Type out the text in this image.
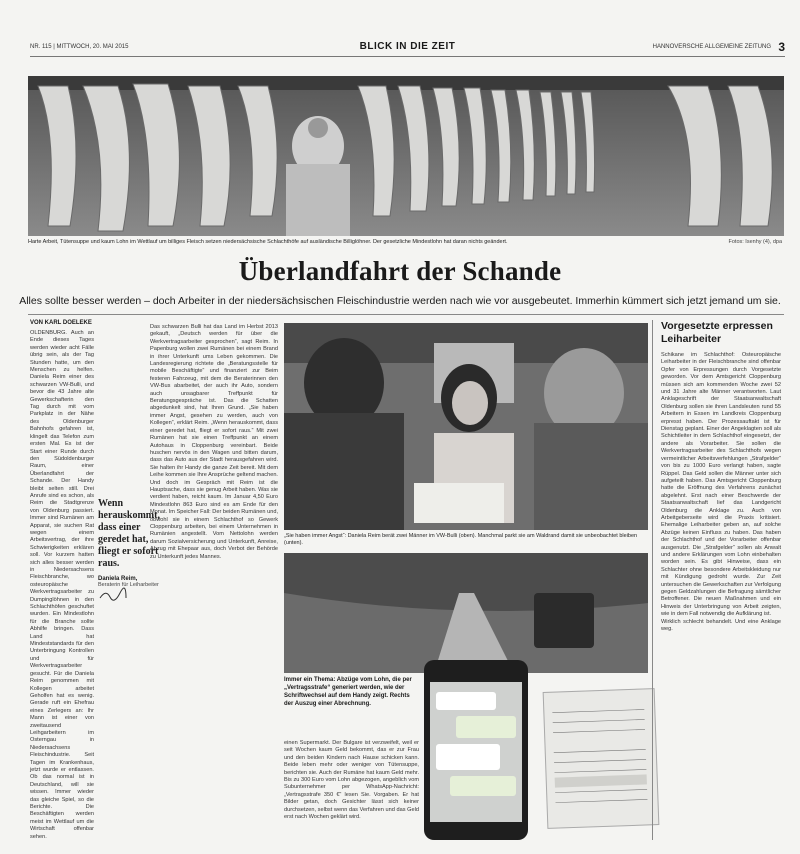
NR. 115 | MITTWOCH, 20. MAI 2015	BLICK IN DIE ZEIT	HANNOVERSCHE ALLGEMEINE ZEITUNG 3
Harte Arbeit, Tütensuppe und kaum Lohn im Wettlauf um billiges Fleisch setzen niedersächsische Schlachthöfe auf ausländische Billiglöhner. Der gesetzliche Mindestlohn hat daran nichts geändert.	Fotos: Isenhy (4), dpa
Überlandfahrt der Schande
Alles sollte besser werden – doch Arbeiter in der niedersächsischen Fleischindustrie werden nach wie vor ausgebeutet. Immerhin kümmert sich jetzt jemand um sie.
VON KARL DOELEKE

OLDENBURG. Auch an Ende dieses Tages werden wieder acht Fälle übrig sein, als der Tag Stunden hatte, um den Menschen zu helfen. Daniela Reim einer des schwarzen VW-Bulli, und bevor die 43 Jahre alte Gewerkschafterin den Tag durch mit vom Parkplatz in der Nähe des Oldenburger Bahnhofs gefahren ist, klingelt das Telefon zum ersten Mal. Es ist der Start einer Runde durch den Südoldenburger Raum, einer Überlandfahrt der Schande. Der Handy bleibt selten still. Drei Anrufe sind es schon, als Reim die Stadtgrenze von Oldenburg passiert. Immer sind Rumänen am Apparat, sie suchen Rat wegen einem Arbeitsvertrag, der ihre Schwierigkeiten erklären soll. Vor kurzem hatten sich alles besser werden in Niedersachsens Fleischbranche, wo osteuropäische Werkvertragsarbeiter zu Dumpinglöhnen in den Schlachthöfen geschuftet wurden. Ein Mindestlohn für die Branche sollte Abhilfe bringen. Dass Land hat Mindeststandards für den Unterbringung Kontrollen und für Werkvertragsarbeiter gesucht. Für die Daniela Reim genommen mit Kollegen arbeitet Geholfen hat es wenig. Gerade ruft ein Ehefrau eines Zerlegers an: Ihr Mann ist einer von zweitausend Leihgarbeitern im Osterngau in Niedersachsens Fleischindustrie. Seit Tagen im Krankenhaus, jetzt wurde er entlassen. Ob das normal ist in Deutschland, will sie wissen. Immer wieder das gleiche Spiel, so die Berichte. Die Beschäftigten werden meist im Wettlauf um die Wirtschaft offenbar sehen.

Wenn herauskommt, dass einer geredet hat, fliegt er sofort raus.
Daniela Reim,
Beraterin für Leiharbeiter

Das schwarzen Bulli hat das Land im Herbst 2013 gekauft, „Deutsch werden für über die Werkvertragsarbeiter gesprochen“, sagt Reim. In Papenburg wollen zwei Rumänen bei einem Brand in ihrer Unterkunft ums Leben gekommen. Die Landesregierung richtete die „Beratungsstelle für mobile Beschäftigte“ und finanziert zur Beim festeren Fahrzeug, mit dem die Beraterinnen den VW-Bus abarbeitet, der auch ihr Auto, sondern auch unsagbarer Treffpunkt für Beratungsgespräche ist. Das die Schatten abgedunkelt sind, hat Ihren Grund. „Sie haben immer Angst, gesehen zu werden, auch von Kollegen“, erklärt Reim. „Wenn herauskommt, dass einer geredet hat, fliegt er sofort raus.“ Mit zwei Rumänen hat sie einen Treffpunkt an einem Autohaus in Cloppenburg vereinbart. Beide huschen nervös in den Wagen und bitten darum, dass das Auto aus der Stadt herausgefahren wird. Sie halten ihr Handy die ganze Zeit bereit. Mit dem Leihe kommen sie Ihre Ansprüche geltend machen. Und doch im Gespräch mit Reim ist die Hauptsache, dass sie genug Arbeit haben. Was sie verdient haben, reicht kaum. Im Januar 4,50 Euro Mindestlohn 863 Euro sind es am Ende für den Monat. Im Speicher Fall: Der beiden Rumänen und, obwohl sie in einem Schlachthof so Gewerk Cloppenburg arbeiten, bei einem Unternehmen in Rumänien angestellt. Vom Nettolohn werden darum Sozialversicherung und Unterkunft, Anreise, Abzug mit Ehepaar aus, doch Verbot der Behörde zu Unterkunft jedes Mannes.

„Sie haben immer Angst“: Daniela Reim berät zwei Männer im VW-Bulli (oben). Manchmal parkt sie am Waldrand damit sie unbeobachtet bleiben (unten).
Immer ein Thema: Abzüge vom Lohn, die per „Vertragsstrafe“ generiert werden, wie der Schriftwechsel auf dem Handy zeigt. Rechts der Auszug einer Abrechnung.

einen Supermarkt. Der Bulgare ist verzweifelt, weil er seit Wochen kaum Geld bekommt, das er zur Frau und den beiden Kindern nach Hause schicken kann. Beide leben mehr oder weniger von Tütensuppe, berichten sie. Auch der Rumäne hat kaum Geld mehr. Bis zu 300 Euro vom Lohn abgezogen, angeblich vom Subunternehmer per WhatsApp-Nachricht: „Vertragsstrafe 350 €“ lesen Sie. Vorgaben. Er hat Bilder getan, doch Gesichter lässt sich keiner durchsetzen, selbst wenn das Verfahren und das Geld erst nach Wochen geklärt wird.

Vorgesetzte erpressen Leiharbeiter

Schikane im Schlachthof: Osteuropäische Leiharbeiter in der Fleischbranche sind offenbar Opfer von Erpressungen durch Vorgesetzte geworden. Vor dem Amtsgericht Cloppenburg müssen sich am kommenden Woche zwei 52 und 31 Jahre alte Männer verantworten. Laut Anklageschrift der Staatsanwaltschaft Oldenburg sollen sie ihren Landsleuten rund 55 Arbeitern in Essen im Landkreis Cloppenburg erpresst haben. Der Prozessauftakt ist für Dienstag geplant. Einer der Angeklagten soll als Schichtleiter in dem Schlachthof eingesetzt, der andere als Vorarbeiter. Sie sollen die Werkvertragsarbeiter des Schlachthofs wegen vermeintlicher Arbeitsverfehlungen „Strafgelder“ von bis zu 1000 Euro verlangt haben, sagte Rüppel. Das Geld sollen die Männer unter sich aufgeteilt haben. Das Amtsgericht Cloppenburg hatte die Eröffnung des Verfahrens zunächst abgelehnt. Erst nach einer Beschwerde der Staatsanwaltschaft lief das Landgericht Oldenburg die Anklage zu. Auch von Arbeitgeberseite wird die Praxis kritisiert. Ehemalige Leiharbeiter geben an, auf solche Abzüge keinen Einfluss zu haben. Das haben der Schlachthof und der Vorarbeiter offenbar ausgenutzt. Die „Strafgelder“ sollen als Anwalt und andere Erklärungen vom Lohn einbehalten worden sein. Es gibt Hinweise, dass ein Schlachter ohne besondere Arbeitskleidung nur mit Kündigung gedroht wurde. Zur Zeit untersuchen die Gewerkschaften zur Verfolgung gegen Geldzahlungen die Befragung sämtlicher Betroffener. Die neuen Maßnahmen und ein Hinweis der Unterbringung von Arbeit zeigten, wie in dem Fall notwendig die Aufklärung ist.

Wirklich schlecht behandelt. Und eine Anklage weg.
